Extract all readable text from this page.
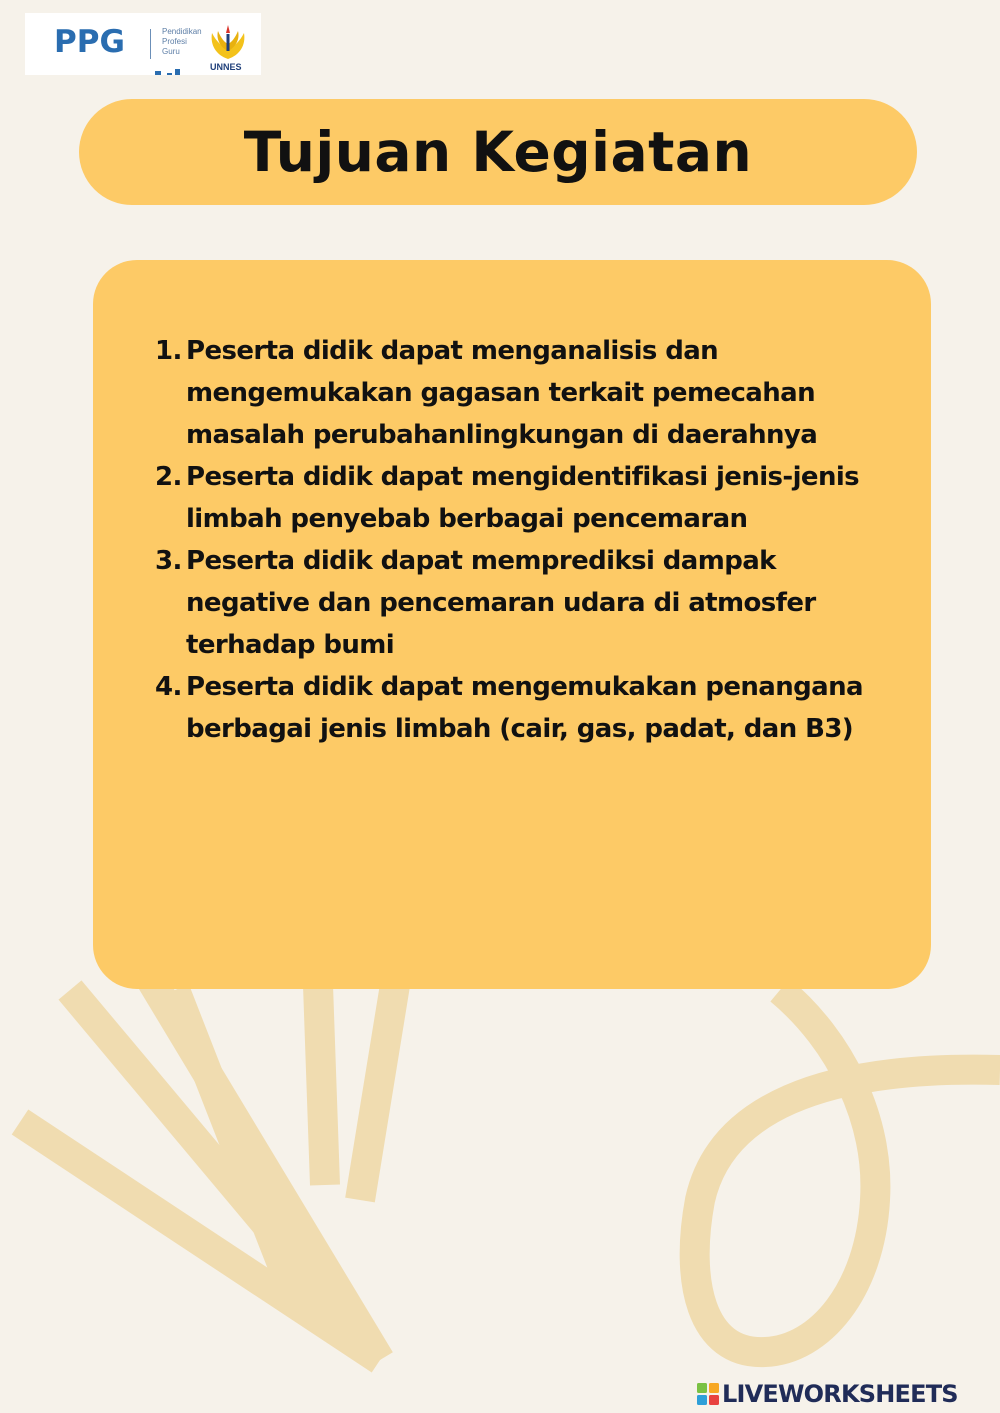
PPG	Pendidikan
Profesi
Guru
UNNES
Tujuan Kegiatan
1. Peserta didik dapat menganalisis dan mengemukakan gagasan terkait pemecahan masalah perubahanlingkungan di daerahnya
2. Peserta didik dapat mengidentifikasi jenis-jenis limbah penyebab berbagai pencemaran
3. Peserta didik dapat memprediksi dampak negative dan pencemaran udara di atmosfer terhadap bumi
4. Peserta didik dapat mengemukakan penangana berbagai jenis limbah (cair, gas, padat, dan B3)
LIVEWORKSHEETS
